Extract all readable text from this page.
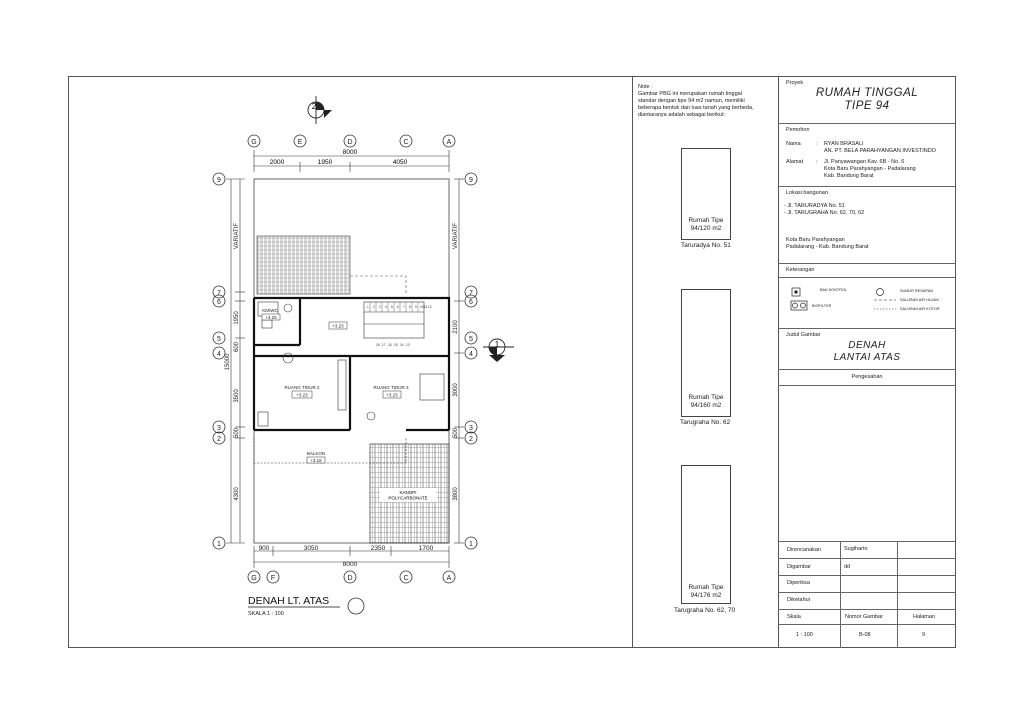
G	E	D	C	A
8000
2000	1950	4050
2
9
7
6
5
4
3
2
1
9
7
6
5
4
3
2
1
VARIATIF
1950
600
15000
3500
500
4300
VARIATIF
2100
3000
500
3800
1
1 2 3 4 5 6 7 8 9 10 11 12
18 17 16 15 14 13
KM/WC
+3.20
+3.23
RUANG TIDUR 2
+3.23
RUANG TIDUR 3
+3.23
BALKON
+3.18
KANOPI POLYCARBONATE
900	3050	2350	1700
8000
G F	D	C	A
DENAH LT. ATAS
SKALA 1 : 100
Note :
Gambar PBG ini merupakan rumah tinggal
standar dengan tipe 94 m2 namun, memiliki
beberapa bentuk dan luas tanah yang berbeda,
diantaranya adalah sebagai berikut:
Rumah Tipe
94/120 m2
Taruradya No. 51
Rumah Tipe
94/160 m2
Tarugraha No. 62
Rumah Tipe
94/176 m2
Tarugraha No. 62, 70
Proyek
RUMAH TINGGAL
TIPE 94
Pemohon
Nama	: RYAN BRASALI
AN. PT. BELA PARAHYANGAN INVESTINDO
Alamat : Jl. Panyawangan Kav. 6B - No. 6
Kota Baru Parahyangan - Padalarang
Kab. Bandung Barat
Lokasi bangunan
- Jl. TARURADYA No. 51
- Jl. TARUGRAHA No. 62, 70, 62
Kota Baru Parahyangan
Padalarang - Kab. Bandung Barat
Keterangan
BAK KONTROL
BIOFILTER
SUMUR RESAPAN
SALURAN AIR HUJAN
SALURAN AIR KOTOR
Judul Gambar
DENAH
LANTAI ATAS
Pengesahan
Direncanakan	Sugiharto
Digambar	dd
Diperiksa
Diketahui
Skala	Nomor Gambar	Halaman
1 : 100	B-08	9
